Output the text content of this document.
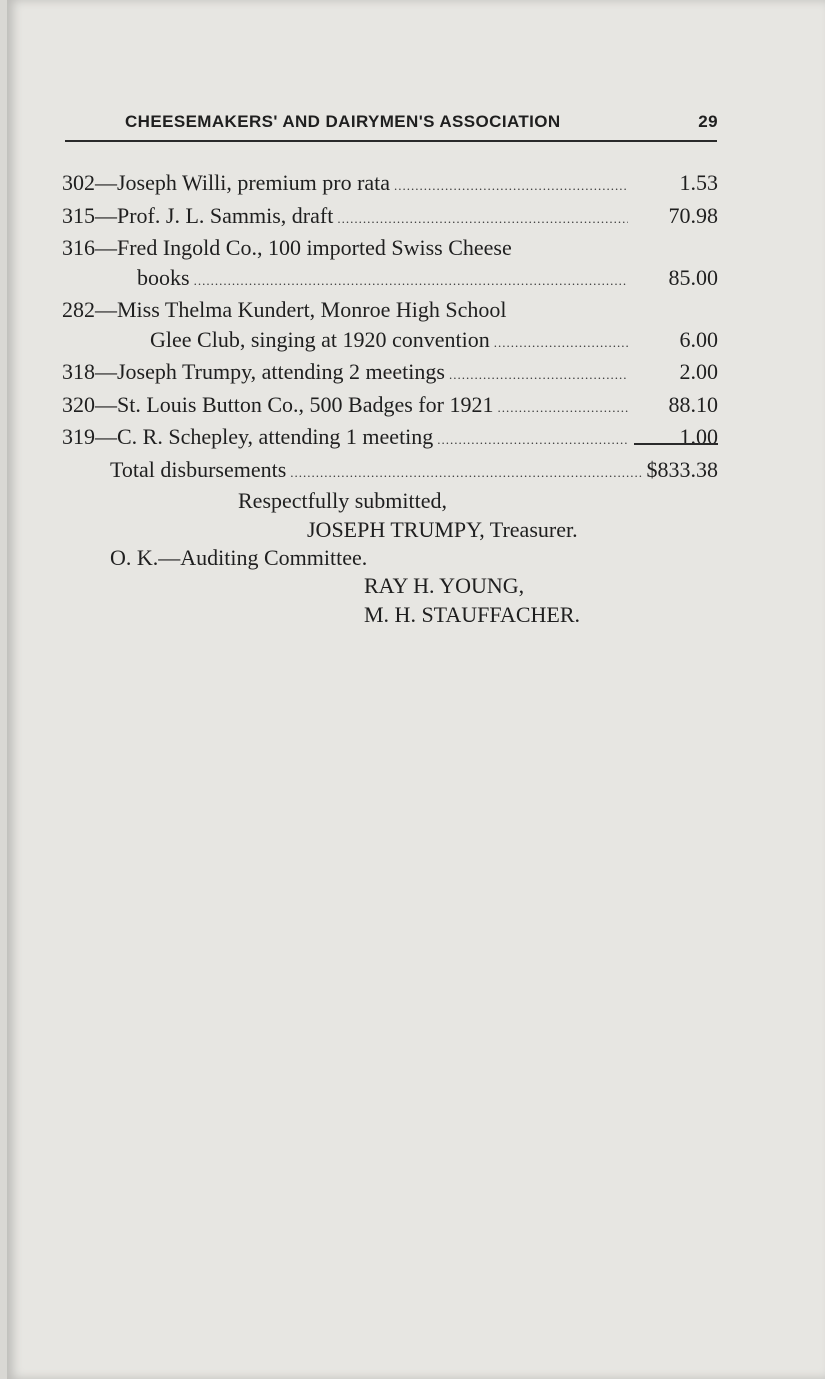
CHEESEMAKERS' AND DAIRYMEN'S ASSOCIATION	29
302—Joseph Willi, premium pro rata .....	1.53
315—Prof. J. L. Sammis, draft .....	70.98
316—Fred Ingold Co., 100 imported Swiss Cheese
books .....	85.00
282—Miss Thelma Kundert, Monroe High School
Glee Club, singing at 1920 convention .....	6.00
318—Joseph Trumpy, attending 2 meetings .....	2.00
320—St. Louis Button Co., 500 Badges for 1921 .....	88.10
319—C. R. Schepley, attending 1 meeting .....	1.00
Total disbursements .....	$833.38
Respectfully submitted,
JOSEPH TRUMPY, Treasurer.
O. K.—Auditing Committee.
RAY H. YOUNG,
M. H. STAUFFACHER.
